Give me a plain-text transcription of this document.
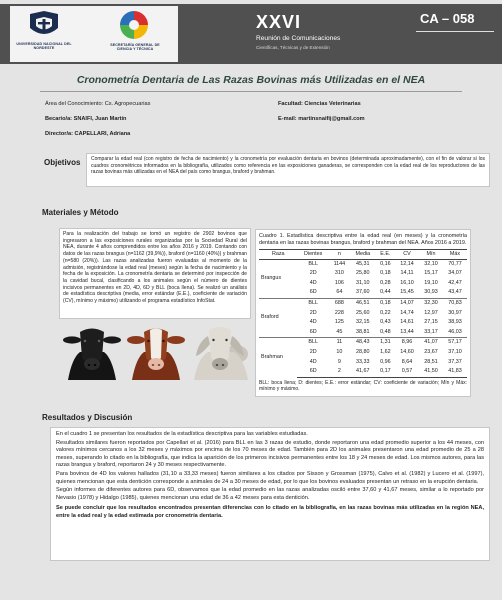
UNIVERSIDAD NACIONAL DEL NORDESTE
SECRETARÍA GENERAL DE CIENCIA Y TÉCNICA
XXVI
Reunión de Comunicaciones
Científicas, Técnicas y de Extensión
CA – 058
Cronometría Dentaria de Las Razas Bovinas más Utilizadas en el NEA
Área del Conocimiento: Cs. Agropecuarias
Becario/a: SNAIFI, Juan Martín
Director/a: CAPELLARI, Adriana
Facultad: Ciencias Veterinarias
E-mail: martinsnaifij@gmail.com
Objetivos	Comparar la edad real (con registro de fecha de nacimiento) y la cronometría por evaluación dentaria en bovinos (determinada aproximadamente), con el fin de valorar si los cuadros cronométricos informados en la bibliografía, utilizados como referencia en las exposiciones ganaderas, se corresponden con la edad real de los reproductores de las razas bovinas más utilizadas en el NEA del país como brangus, braford y brahman.
Materiales y Método
Para la realización del trabajo se tomó un registro de 2902 bovinos que ingresaron a las exposiciones rurales organizadas por la Sociedad Rural del NEA, durante 4 años comprendidos entre los años 2016 y 2019. Contando con datos de las razas brangus (n=1162 (39,9%)), braford (n=1160 (40%)) y brahman (n=580 (20%)). Las razas analizadas fueron evaluadas al momento de la admisión, registrándose la edad real (meses) según la fecha de nacimiento y la fecha de la exposición. La cronometría dentaria se determinó por inspección de la cavidad bucal, clasificando a los animales según el número de dientes incisivos permanentes en 2D, 4D, 6D y BLL (boca llena). Se realizó un análisis de estadística descriptiva (media, error estándar (E.E.), coeficiente de variación (CV), mínimo y máximo) utilizando el programa estadístico InfoStat.
Cuadro 1. Estadística descriptiva entre la edad real (en meses) y la cronometría dentaria en las razas bovinas brangus, braford y brahman del NEA. Años 2016 a 2019.
Raza	Dientes	n	Media	E.E.	CV	Mín	Máx
Brangus	BLL	1144	45,31	0,16	12,14	32,10	70,77
	2D	310	25,80	0,18	14,11	15,17	34,07
	4D	106	31,10	0,28	16,10	19,10	42,47
	6D	64	37,60	0,44	15,45	30,93	43,47
Braford	BLL	688	46,51	0,18	14,07	32,30	70,83
	2D	228	25,60	0,22	14,74	12,97	30,97
	4D	125	32,15	0,43	14,61	27,15	38,93
	6D	45	38,81	0,48	13,44	33,17	46,03
Brahman	BLL	11	48,43	1,31	8,96	41,07	57,17
	2D	10	28,80	1,62	14,60	23,67	37,10
	4D	9	33,33	0,96	8,64	28,51	37,37
	6D	2	41,67	0,17	0,57	41,50	41,83
BLL: boca llena; D: dientes; E.E.: error estándar; CV: coeficiente de variación; Mín y Máx: mínimo y máximo.
Resultados y Discusión

En el cuadro 1 se presentan los resultados de la estadística descriptiva para las variables estudiadas.

Resultados similares fueron reportados por Capellari et al. (2016) para BLL en las 3 razas de estudio, donde reportaron una edad promedio superior a los 44 meses, con valores mínimos cercanos a los 32 meses y máximos por encima de los 70 meses de edad. También para 2D los animales presentaron una edad promedio de 25 a 28 meses, superando lo citado en la bibliografía, que indica la aparición de los primeros incisivos permanentes entre los 18 y 24 meses de edad. Los mismos autores, para las razas brangus y braford, reportaron 24 y 30 meses respectivamente.

Para bovinos de 4D los valores hallados (31,10 a 33,33 meses) fueron similares a los citados por Sisson y Grossman (1975), Calvo et al. (1982) y Lucero et al. (1997), quienes mencionan que esta dentición corresponde a animales de 24 a 30 meses de edad, por lo que los bovinos evaluados presentan un retraso en la erupción dentaria.

Según informes de diferentes autores para 6D, observamos que la edad promedio en las razas analizadas osciló entre 37,60 y 41,67 meses, similar a lo reportado por Nevasio (1978) y Hidalgo (1985), quienes mencionan una edad de 36 a 42 meses para esta dentición.

Se puede concluir que los resultados encontrados presentan diferencias con lo citado en la bibliografía, en las razas bovinas más utilizadas en la región NEA, entre la edad real y la edad estimada por cronometría dentaria.
